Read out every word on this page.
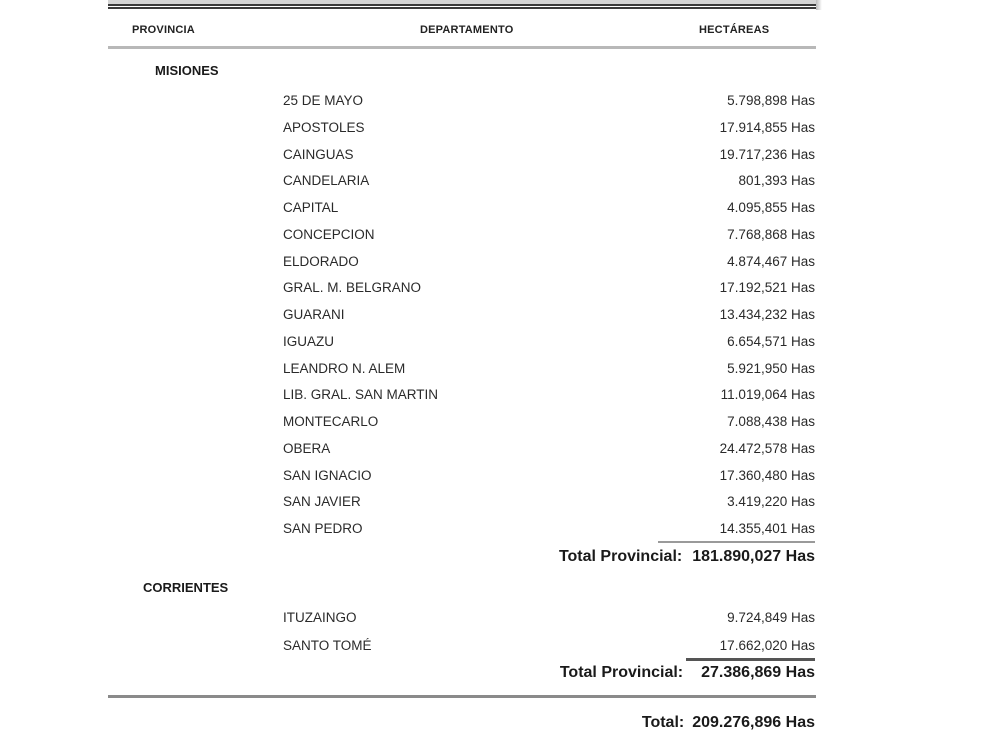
PROVINCIA	DEPARTAMENTO	HECTÁREAS
MISIONES
25 DE MAYO	5.798,898 Has
APOSTOLES	17.914,855 Has
CAINGUAS	19.717,236 Has
CANDELARIA	801,393 Has
CAPITAL	4.095,855 Has
CONCEPCION	7.768,868 Has
ELDORADO	4.874,467 Has
GRAL. M. BELGRANO	17.192,521 Has
GUARANI	13.434,232 Has
IGUAZU	6.654,571 Has
LEANDRO N. ALEM	5.921,950 Has
LIB. GRAL. SAN MARTIN	11.019,064 Has
MONTECARLO	7.088,438 Has
OBERA	24.472,578 Has
SAN IGNACIO	17.360,480 Has
SAN JAVIER	3.419,220 Has
SAN PEDRO	14.355,401 Has
Total Provincial: 181.890,027 Has
CORRIENTES
ITUZAINGO	9.724,849 Has
SANTO TOMÉ	17.662,020 Has
Total Provincial: 27.386,869 Has
Total: 209.276,896 Has
